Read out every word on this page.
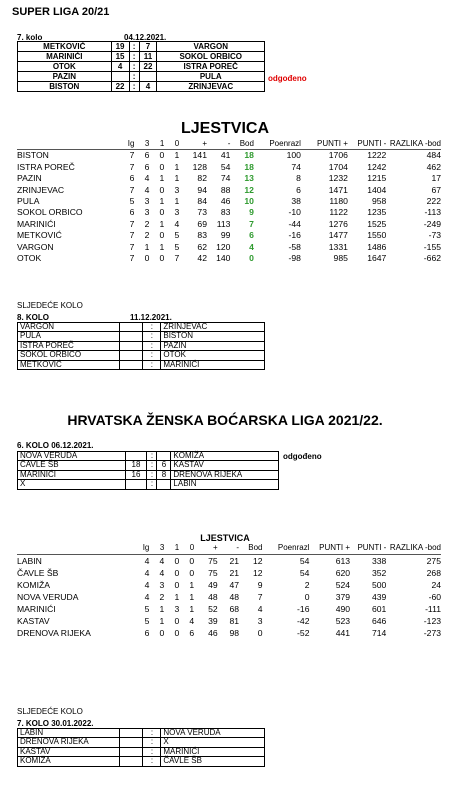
SUPER LIGA 20/21
7. kolo	04.12.2021.
METKOVIĆ	19	:	7	VARGON
MARINIĆI	15	:	11	SOKOL ORBICO
OTOK	4	:	22	ISTRA POREČ
PAZIN		:		PULA
BISTON	22	:	4	ZRINJEVAC
odgođeno
LJESTVICA
	Ig	3	1	0	+	-	Bod	Poenrazl	PUNTI +	PUNTI -	RAZLIKA -bod
BISTON	7	6	0	1	141	41	18	100	1706	1222	484
ISTRA POREČ	7	6	0	1	128	54	18	74	1704	1242	462
PAZIN	6	4	1	1	82	74	13	8	1232	1215	17
ZRINJEVAC	7	4	0	3	94	88	12	6	1471	1404	67
PULA	5	3	1	1	84	46	10	38	1180	958	222
SOKOL ORBICO	6	3	0	3	73	83	9	-10	1122	1235	-113
MARINIĆI	7	2	1	4	69	113	7	-44	1276	1525	-249
METKOVIĆ	7	2	0	5	83	99	6	-16	1477	1550	-73
VARGON	7	1	1	5	62	120	4	-58	1331	1486	-155
OTOK	7	0	0	7	42	140	0	-98	985	1647	-662
SLJEDEĆE KOLO
8. KOLO	11.12.2021.
VARGON		:	ZRINJEVAC
PULA		:	BISTON
ISTRA POREČ		:	PAZIN
SOKOL ORBICO		:	OTOK
METKOVIĆ		:	MARINIĆI
HRVATSKA ŽENSKA BOĆARSKA LIGA 2021/22.
6. KOLO 06.12.2021.
NOVA VERUDA		:		KOMIŽA
ČAVLE ŠB	18	:	6	KASTAV
MARINIĆI	16	:	8	DRENOVA RIJEKA
X		:		LABIN
odgođeno
LJESTVICA
	Ig	3	1	0	+	-	Bod	Poenrazl	PUNTI +	PUNTI -	RAZLIKA -bod
LABIN	4	4	0	0	75	21	12	54	613	338	275
ČAVLE ŠB	4	4	0	0	75	21	12	54	620	352	268
KOMIŽA	4	3	0	1	49	47	9	2	524	500	24
NOVA VERUDA	4	2	1	1	48	48	7	0	379	439	-60
MARINIĆI	5	1	3	1	52	68	4	-16	490	601	-111
KASTAV	5	1	0	4	39	81	3	-42	523	646	-123
DRENOVA RIJEKA	6	0	0	6	46	98	0	-52	441	714	-273
SLJEDEĆE KOLO
7. KOLO 30.01.2022.
LABIN		:	NOVA VERUDA
DRENOVA RIJEKA		:	X
KASTAV		:	MARINIĆI
KOMIŽA		:	ČAVLE ŠB
